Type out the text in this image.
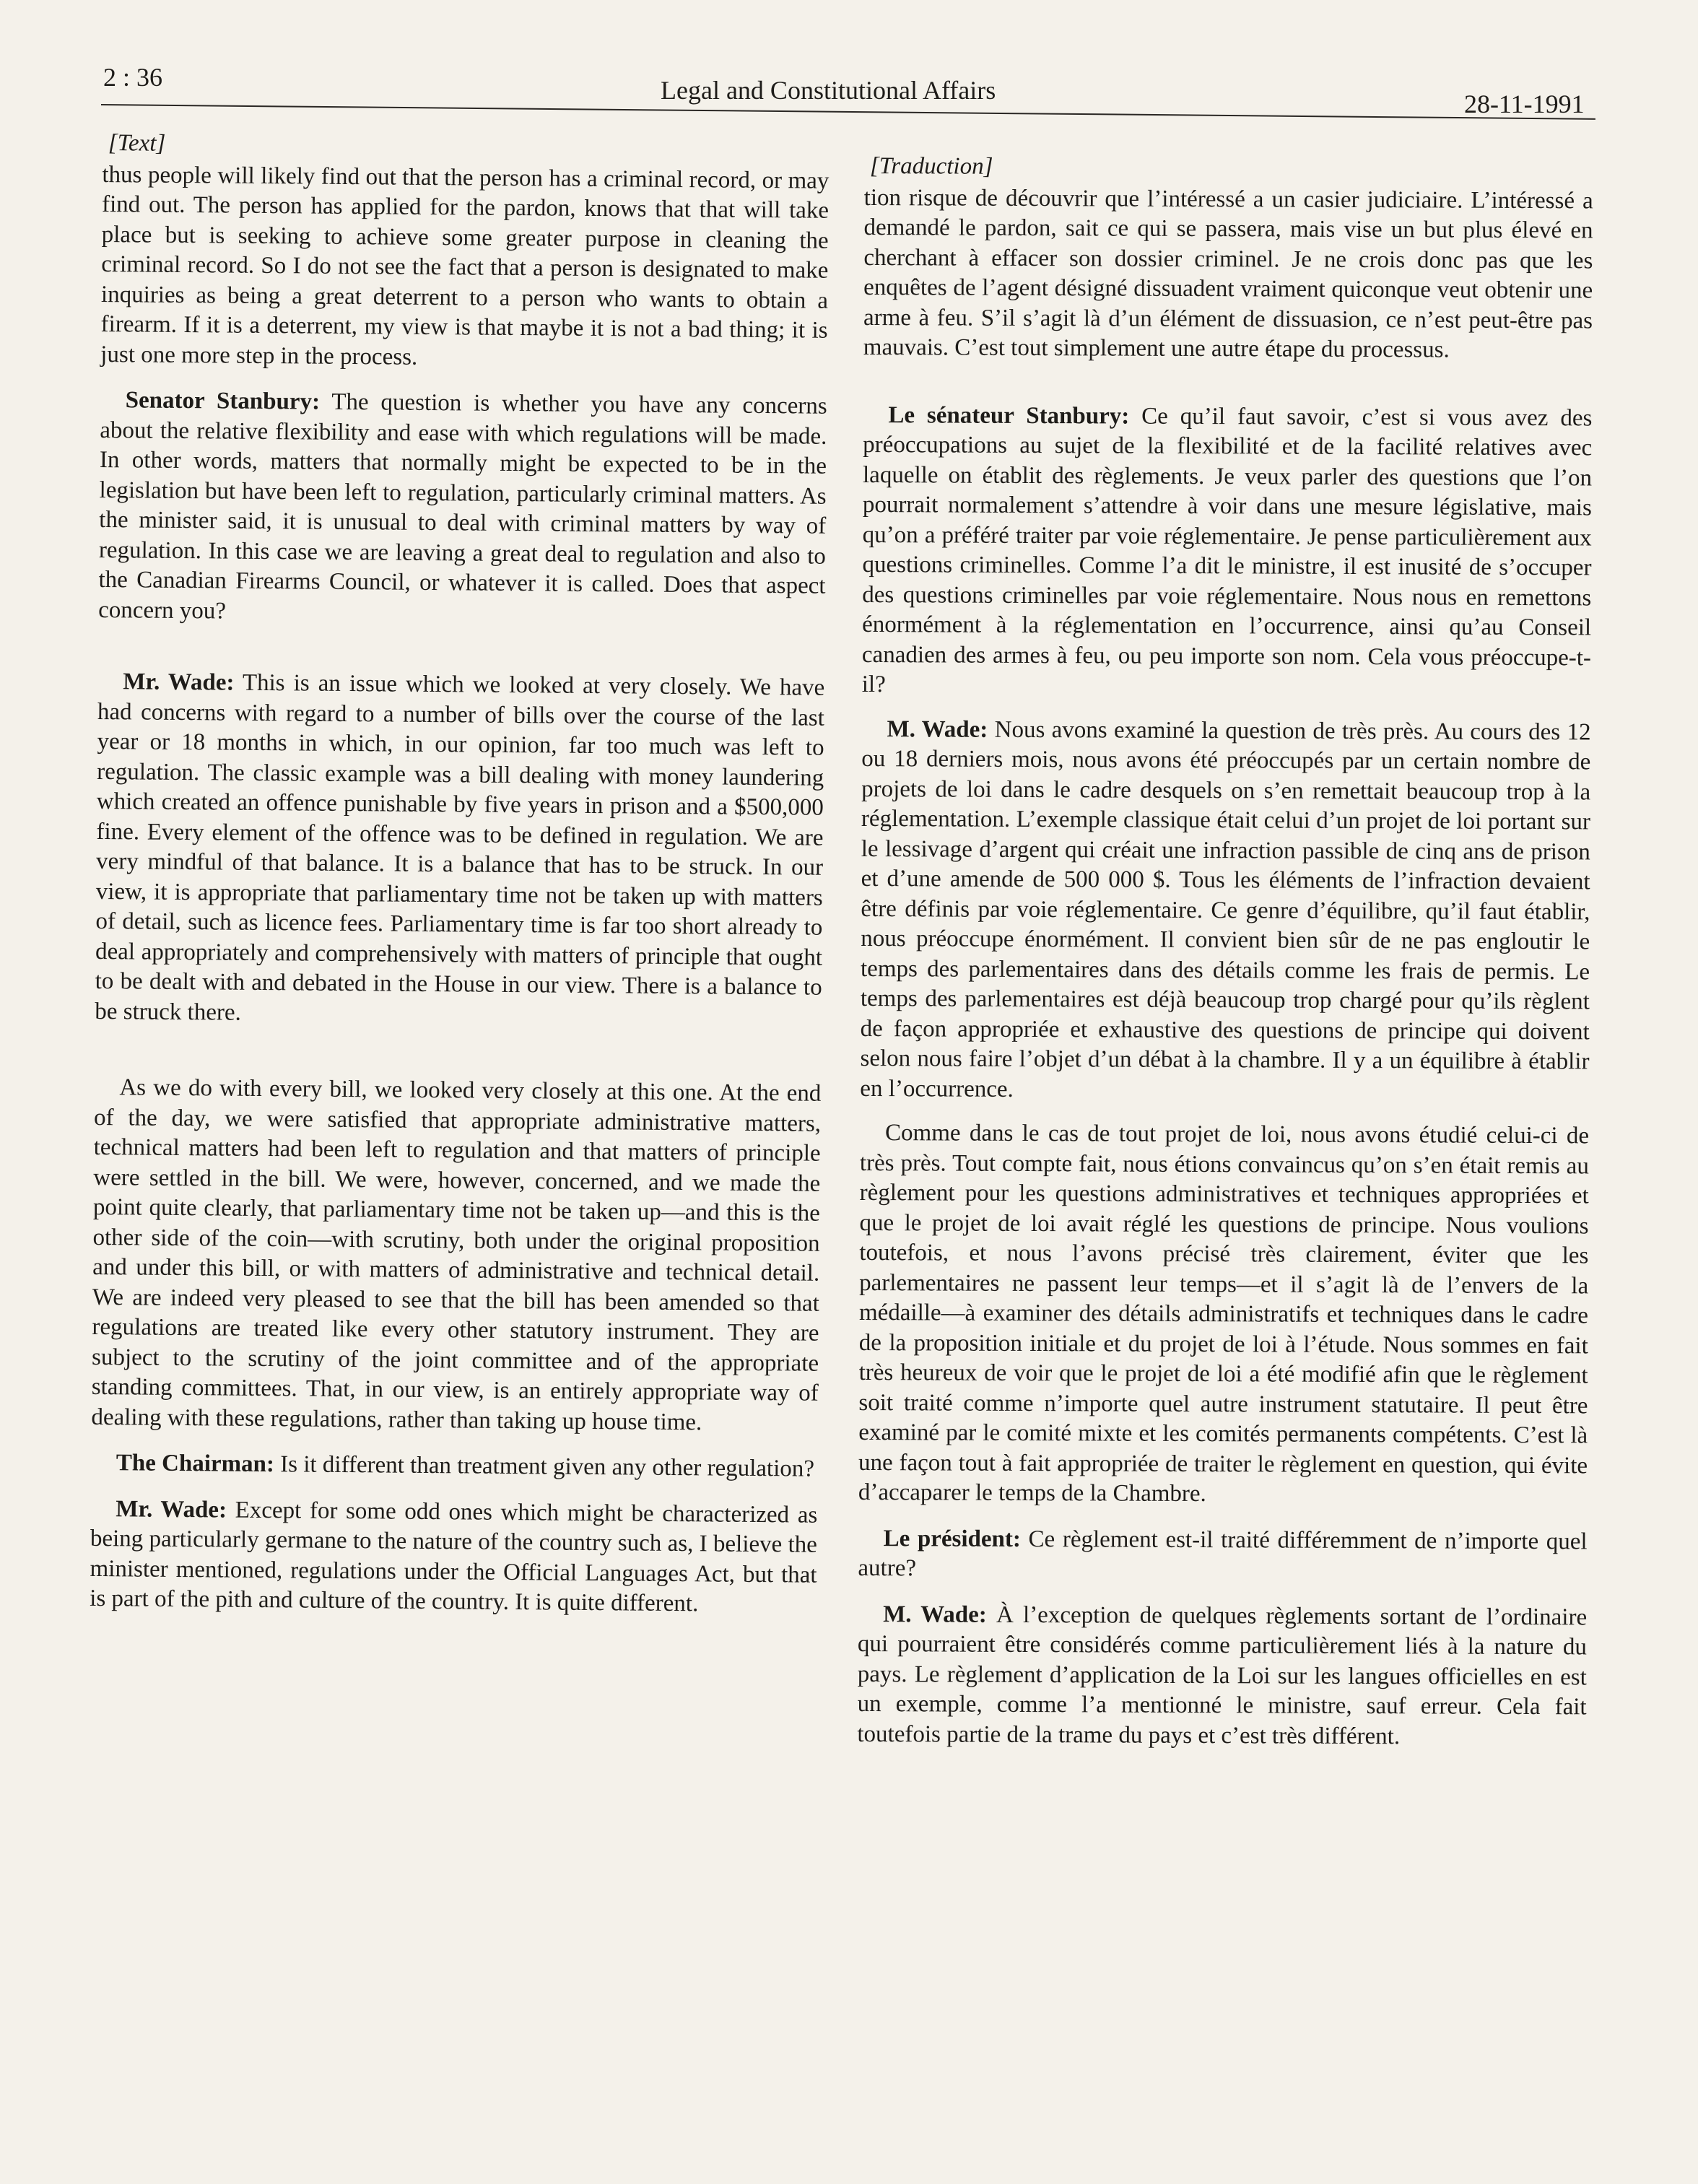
2 : 36	Legal and Constitutional Affairs	28-11-1991
[Text]

thus people will likely find out that the person has a criminal record, or may find out. The person has applied for the pardon, knows that that will take place but is seeking to achieve some greater purpose in cleaning the criminal record. So I do not see the fact that a person is designated to make inquiries as being a great deterrent to a person who wants to obtain a firearm. If it is a deterrent, my view is that maybe it is not a bad thing; it is just one more step in the process.

Senator Stanbury: The question is whether you have any concerns about the relative flexibility and ease with which regulations will be made. In other words, matters that normally might be expected to be in the legislation but have been left to regulation, particularly criminal matters. As the minister said, it is unusual to deal with criminal matters by way of regulation. In this case we are leaving a great deal to regulation and also to the Canadian Firearms Council, or whatever it is called. Does that aspect concern you?

Mr. Wade: This is an issue which we looked at very closely. We have had concerns with regard to a number of bills over the course of the last year or 18 months in which, in our opinion, far too much was left to regulation. The classic example was a bill dealing with money laundering which created an offence punishable by five years in prison and a $500,000 fine. Every element of the offence was to be defined in regulation. We are very mindful of that balance. It is a balance that has to be struck. In our view, it is appropriate that parliamentary time not be taken up with matters of detail, such as licence fees. Parliamentary time is far too short already to deal appropriately and comprehensively with matters of principle that ought to be dealt with and debated in the House in our view. There is a balance to be struck there.

As we do with every bill, we looked very closely at this one. At the end of the day, we were satisfied that appropriate administrative matters, technical matters had been left to regulation and that matters of principle were settled in the bill. We were, however, concerned, and we made the point quite clearly, that parliamentary time not be taken up—and this is the other side of the coin—with scrutiny, both under the original proposition and under this bill, or with matters of administrative and technical detail. We are indeed very pleased to see that the bill has been amended so that regulations are treated like every other statutory instrument. They are subject to the scrutiny of the joint committee and of the appropriate standing committees. That, in our view, is an entirely appropriate way of dealing with these regulations, rather than taking up house time.

The Chairman: Is it different than treatment given any other regulation?

Mr. Wade: Except for some odd ones which might be characterized as being particularly germane to the nature of the country such as, I believe the minister mentioned, regulations under the Official Languages Act, but that is part of the pith and culture of the country. It is quite different.

[Traduction]

tion risque de découvrir que l’intéressé a un casier judiciaire. L’intéressé a demandé le pardon, sait ce qui se passera, mais vise un but plus élevé en cherchant à effacer son dossier criminel. Je ne crois donc pas que les enquêtes de l’agent désigné dissuadent vraiment quiconque veut obtenir une arme à feu. S’il s’agit là d’un élément de dissuasion, ce n’est peut-être pas mauvais. C’est tout simplement une autre étape du processus.

Le sénateur Stanbury: Ce qu’il faut savoir, c’est si vous avez des préoccupations au sujet de la flexibilité et de la facilité relatives avec laquelle on établit des règlements. Je veux parler des questions que l’on pourrait normalement s’attendre à voir dans une mesure législative, mais qu’on a préféré traiter par voie réglementaire. Je pense particulièrement aux questions criminelles. Comme l’a dit le ministre, il est inusité de s’occuper des questions criminelles par voie réglementaire. Nous nous en remettons énormément à la réglementation en l’occurrence, ainsi qu’au Conseil canadien des armes à feu, ou peu importe son nom. Cela vous préoccupe-t-il?

M. Wade: Nous avons examiné la question de très près. Au cours des 12 ou 18 derniers mois, nous avons été préoccupés par un certain nombre de projets de loi dans le cadre desquels on s’en remettait beaucoup trop à la réglementation. L’exemple classique était celui d’un projet de loi portant sur le lessivage d’argent qui créait une infraction passible de cinq ans de prison et d’une amende de 500 000 $. Tous les éléments de l’infraction devaient être définis par voie réglementaire. Ce genre d’équilibre, qu’il faut établir, nous préoccupe énormément. Il convient bien sûr de ne pas engloutir le temps des parlementaires dans des détails comme les frais de permis. Le temps des parlementaires est déjà beaucoup trop chargé pour qu’ils règlent de façon appropriée et exhaustive des questions de principe qui doivent selon nous faire l’objet d’un débat à la chambre. Il y a un équilibre à établir en l’occurrence.

Comme dans le cas de tout projet de loi, nous avons étudié celui-ci de très près. Tout compte fait, nous étions convaincus qu’on s’en était remis au règlement pour les questions administratives et techniques appropriées et que le projet de loi avait réglé les questions de principe. Nous voulions toutefois, et nous l’avons précisé très clairement, éviter que les parlementaires ne passent leur temps—et il s’agit là de l’envers de la médaille—à examiner des détails administratifs et techniques dans le cadre de la proposition initiale et du projet de loi à l’étude. Nous sommes en fait très heureux de voir que le projet de loi a été modifié afin que le règlement soit traité comme n’importe quel autre instrument statutaire. Il peut être examiné par le comité mixte et les comités permanents compétents. C’est là une façon tout à fait appropriée de traiter le règlement en question, qui évite d’accaparer le temps de la Chambre.

Le président: Ce règlement est-il traité différemment de n’importe quel autre?

M. Wade: À l’exception de quelques règlements sortant de l’ordinaire qui pourraient être considérés comme particulièrement liés à la nature du pays. Le règlement d’application de la Loi sur les langues officielles en est un exemple, comme l’a mentionné le ministre, sauf erreur. Cela fait toutefois partie de la trame du pays et c’est très différent.
